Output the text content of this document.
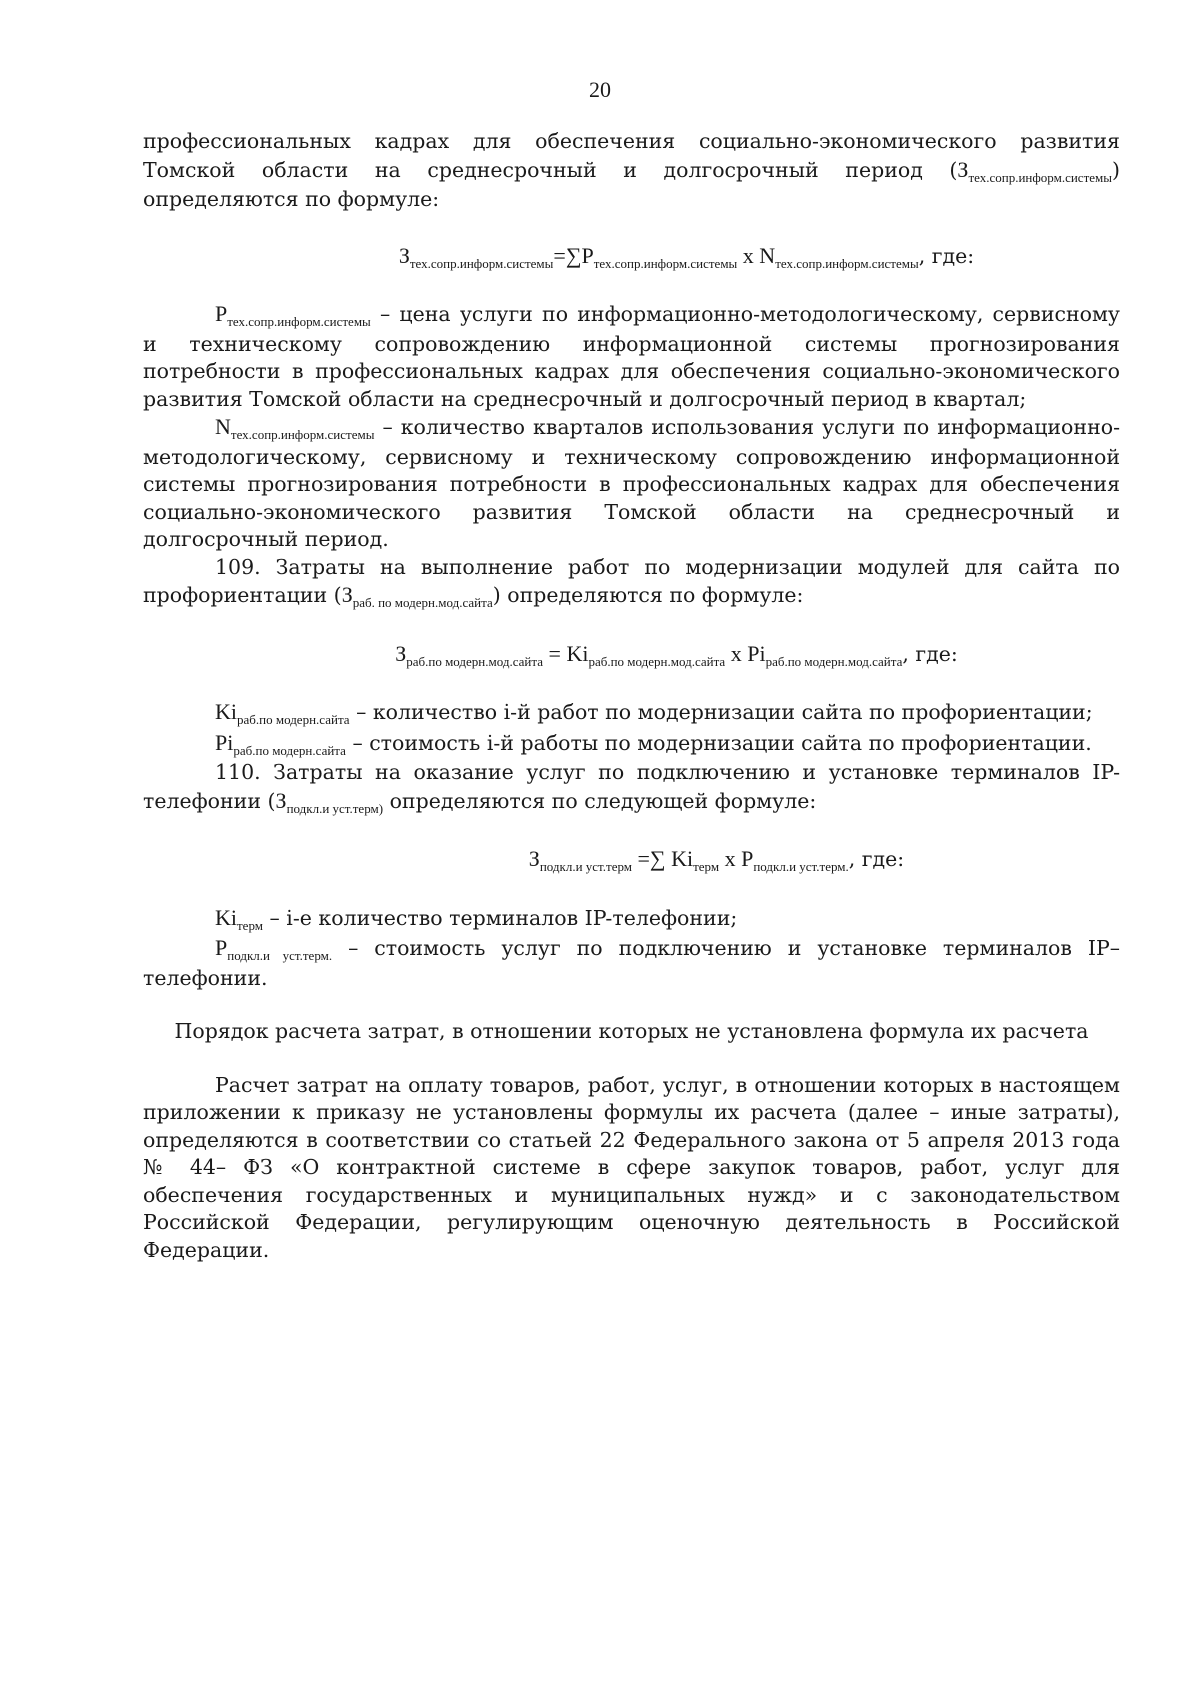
20

профессиональных кадрах для обеспечения социально-экономического развития Томской области на среднесрочный и долгосрочный период $(З_{тех.сопр.информ.системы})$ определяются по формуле:

$З_{тех.сопр.информ.системы}=\sum P_{тех.сопр.информ.системы}$ x $N_{тех.сопр.информ.системы}$, где:

$P_{тех.сопр.информ.системы}$ – цена услуги по информационно-методологическому, сервисному и техническому сопровождению информационной системы прогнозирования потребности в профессиональных кадрах для обеспечения социально-экономического развития Томской области на среднесрочный и долгосрочный период в квартал;

$N_{тех.сопр.информ.системы}$ – количество кварталов использования услуги по информационно-методологическому, сервисному и техническому сопровождению информационной системы прогнозирования потребности в профессиональных кадрах для обеспечения социально-экономического развития Томской области на среднесрочный и долгосрочный период.

109. Затраты на выполнение работ по модернизации модулей для сайта по профориентации $(З_{раб. по модерн.мод.сайта})$ определяются по формуле:

$З_{раб.по модерн.мод.сайта} = Ki_{раб.по модерн.мод.сайта}$ x $Pi_{раб.по модерн.мод.сайта}$, где:

$Ki_{раб.по модерн.сайта}$ – количество i-й работ по модернизации сайта по профориентации;

$Pi_{раб.по модерн.сайта}$ – стоимость i-й работы по модернизации сайта по профориентации.

110. Затраты на оказание услуг по подключению и установке терминалов IP-телефонии ($З_{подкл.и уст.терм)}$ определяются по следующей формуле:

$З_{подкл.и уст.терм}$ =∑ $Ki_{терм}$ x $P_{подкл.и уст.терм.}$, где:

$Ki_{терм} - i-е$ количество терминалов IP-телефонии;

$P_{подкл.и уст.терм.}$ – стоимость услуг по подключению и установке терминалов IP– телефонии.

Порядок расчета затрат, в отношении которых не установлена формула их расчета

Расчет затрат на оплату товаров, работ, услуг, в отношении которых в настоящем приложении к приказу не установлены формулы их расчета (далее – иные затраты), определяются в соответствии со статьей 22 Федерального закона от 5 апреля 2013 года № 44– ФЗ «О контрактной системе в сфере закупок товаров, работ, услуг для обеспечения государственных и муниципальных нужд» и с законодательством Российской Федерации, регулирующим оценочную деятельность в Российской Федерации.
